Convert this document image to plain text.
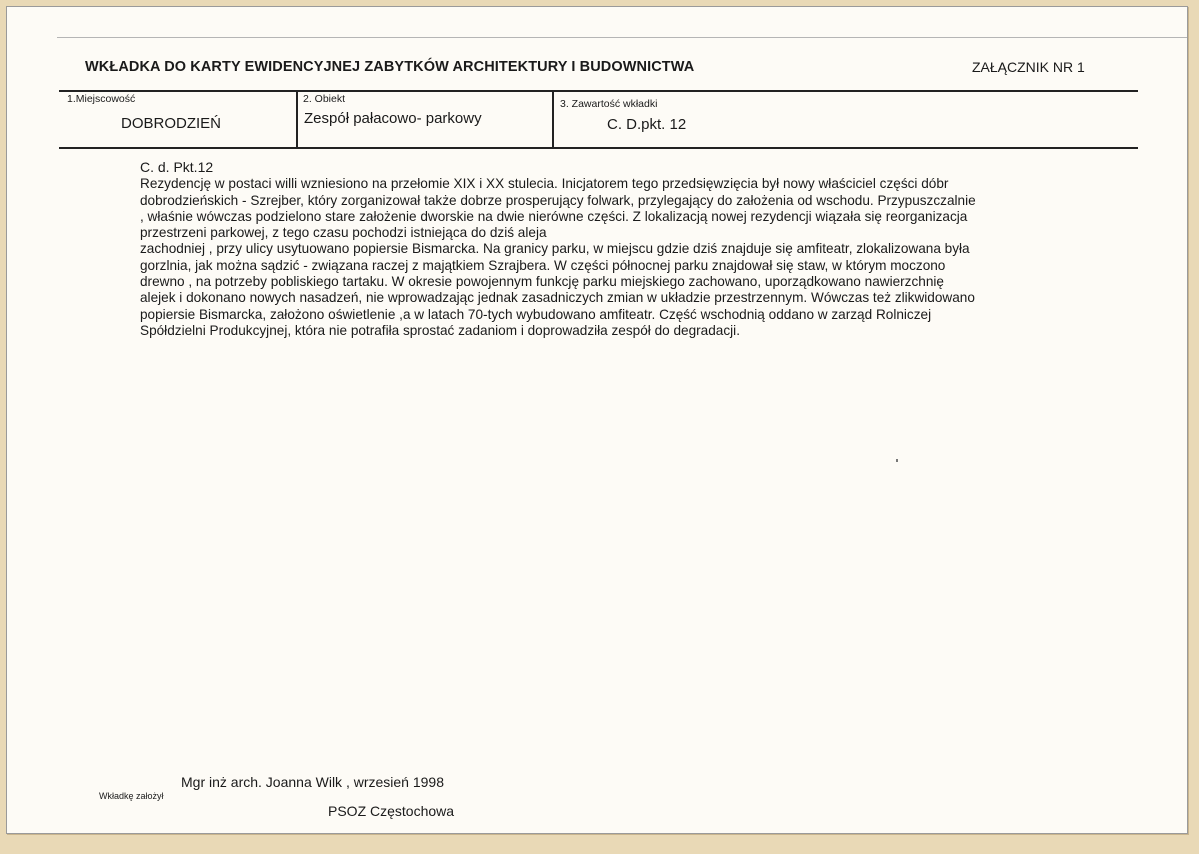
WKŁADKA DO KARTY EWIDENCYJNEJ ZABYTKÓW ARCHITEKTURY I BUDOWNICTWA	ZAŁĄCZNIK NR 1
1.Miejscowość
DOBRODZIEŃ
2. Obiekt
Zespół pałacowo- parkowy
3. Zawartość wkładki
C. D.pkt. 12
C. d. Pkt.12
Rezydencję w postaci willi wzniesiono na przełomie XIX i XX stulecia. Inicjatorem tego przedsięwzięcia był nowy właściciel części dóbr
dobrodzieńskich - Szrejber, który zorganizował także dobrze prosperujący folwark, przylegający do założenia od wschodu. Przypuszczalnie
, właśnie wówczas podzielono stare założenie dworskie na dwie nierówne części. Z lokalizacją nowej rezydencji wiązała się reorganizacja
przestrzeni parkowej, z tego czasu pochodzi istniejąca do dziś aleja
zachodniej , przy ulicy usytuowano popiersie Bismarcka. Na granicy parku, w miejscu gdzie dziś znajduje się amfiteatr, zlokalizowana była
gorzlnia, jak można sądzić - związana raczej z majątkiem Szrajbera. W części północnej parku znajdował się staw, w którym moczono
drewno , na potrzeby pobliskiego tartaku. W okresie powojennym funkcję parku miejskiego zachowano, uporządkowano nawierzchnię
alejek i dokonano nowych nasadzeń, nie wprowadzając jednak zasadniczych zmian w układzie przestrzennym. Wówczas też zlikwidowano
popiersie Bismarcka, założono oświetlenie ,a w latach 70-tych wybudowano amfiteatr. Część wschodnią oddano w zarząd Rolniczej
Spółdzielni Produkcyjnej, która nie potrafiła sprostać zadaniom i doprowadziła zespół do degradacji.
Mgr inż arch. Joanna Wilk , wrzesień 1998
Wkładkę założył
PSOZ Częstochowa
